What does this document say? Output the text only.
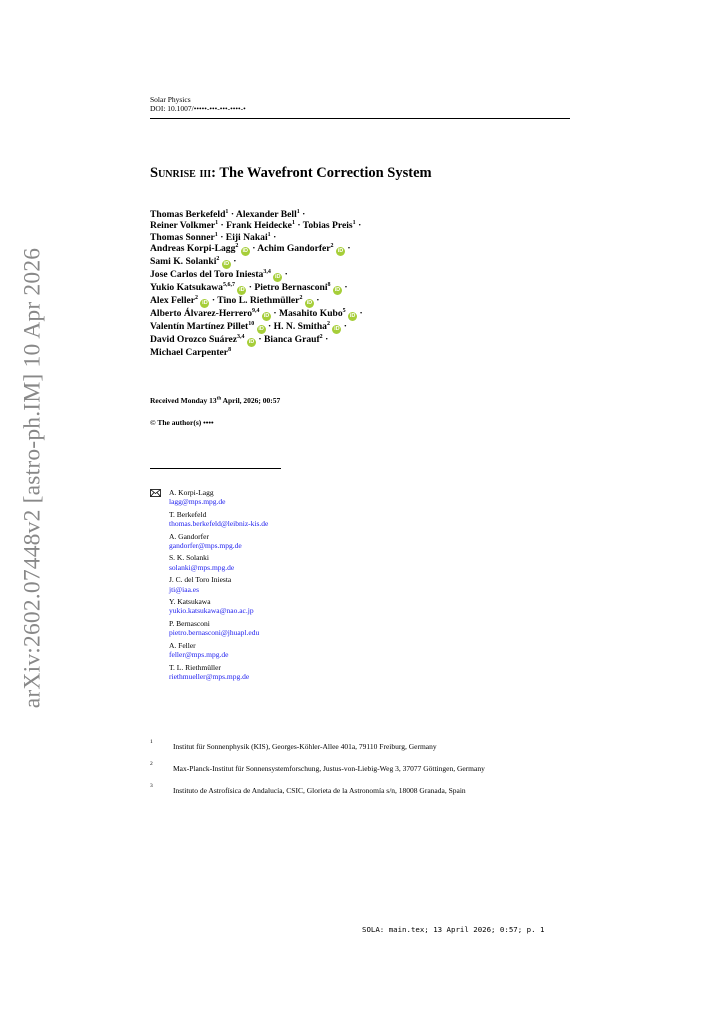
arXiv:2602.07448v2 [astro-ph.IM] 10 Apr 2026
Solar Physics
DOI: 10.1007/•••••-•••-•••-••••-•
Sunrise iii: The Wavefront Correction System
Thomas Berkefeld$^1$ · Alexander Bell$^1$ ·
Reiner Volkmer$^1$ · Frank Heidecke$^1$ · Tobias Preis$^1$ ·
Thomas Sonner$^1$ · Eiji Nakai$^1$ ·
Andreas Korpi-Lagg$^2$ iD · Achim Gandorfer$^2$ iD ·
Sami K. Solanki$^2$ iD ·
Jose Carlos del Toro Iniesta$^{3,4}$ iD ·
Yukio Katsukawa$^{5,6,7}$ iD · Pietro Bernasconi$^8$ iD ·
Alex Feller$^2$ iD · Tino L. Riethmüller$^2$ iD ·
Alberto Álvarez-Herrero$^{9,4}$ iD · Masahito Kubo$^5$ iD ·
Valentín Martínez Pillet$^{10}$ iD · H. N. Smitha$^2$ iD ·
David Orozco Suárez$^{3,4}$ iD · Bianca Grauf$^2$ ·
Michael Carpenter$^8$
Received Monday 13th April, 2026; 00:57
© The author(s) ••••
A. Korpi-Lagg
lagg@mps.mpg.de
T. Berkefeld
thomas.berkefeld@leibniz-kis.de
A. Gandorfer
gandorfer@mps.mpg.de
S. K. Solanki
solanki@mps.mpg.de
J. C. del Toro Iniesta
jti@iaa.es
Y. Katsukawa
yukio.katsukawa@nao.ac.jp
P. Bernasconi
pietro.bernasconi@jhuapl.edu
A. Feller
feller@mps.mpg.de
T. L. Riethmüller
riethmueller@mps.mpg.de
1	Institut für Sonnenphysik (KIS), Georges-Köhler-Allee 401a, 79110 Freiburg, Germany
2	Max-Planck-Institut für Sonnensystemforschung, Justus-von-Liebig-Weg 3, 37077 Göttingen, Germany
3	Instituto de Astrofísica de Andalucía, CSIC, Glorieta de la Astronomía s/n, 18008 Granada, Spain
SOLA: main.tex; 13 April 2026; 0:57; p. 1
